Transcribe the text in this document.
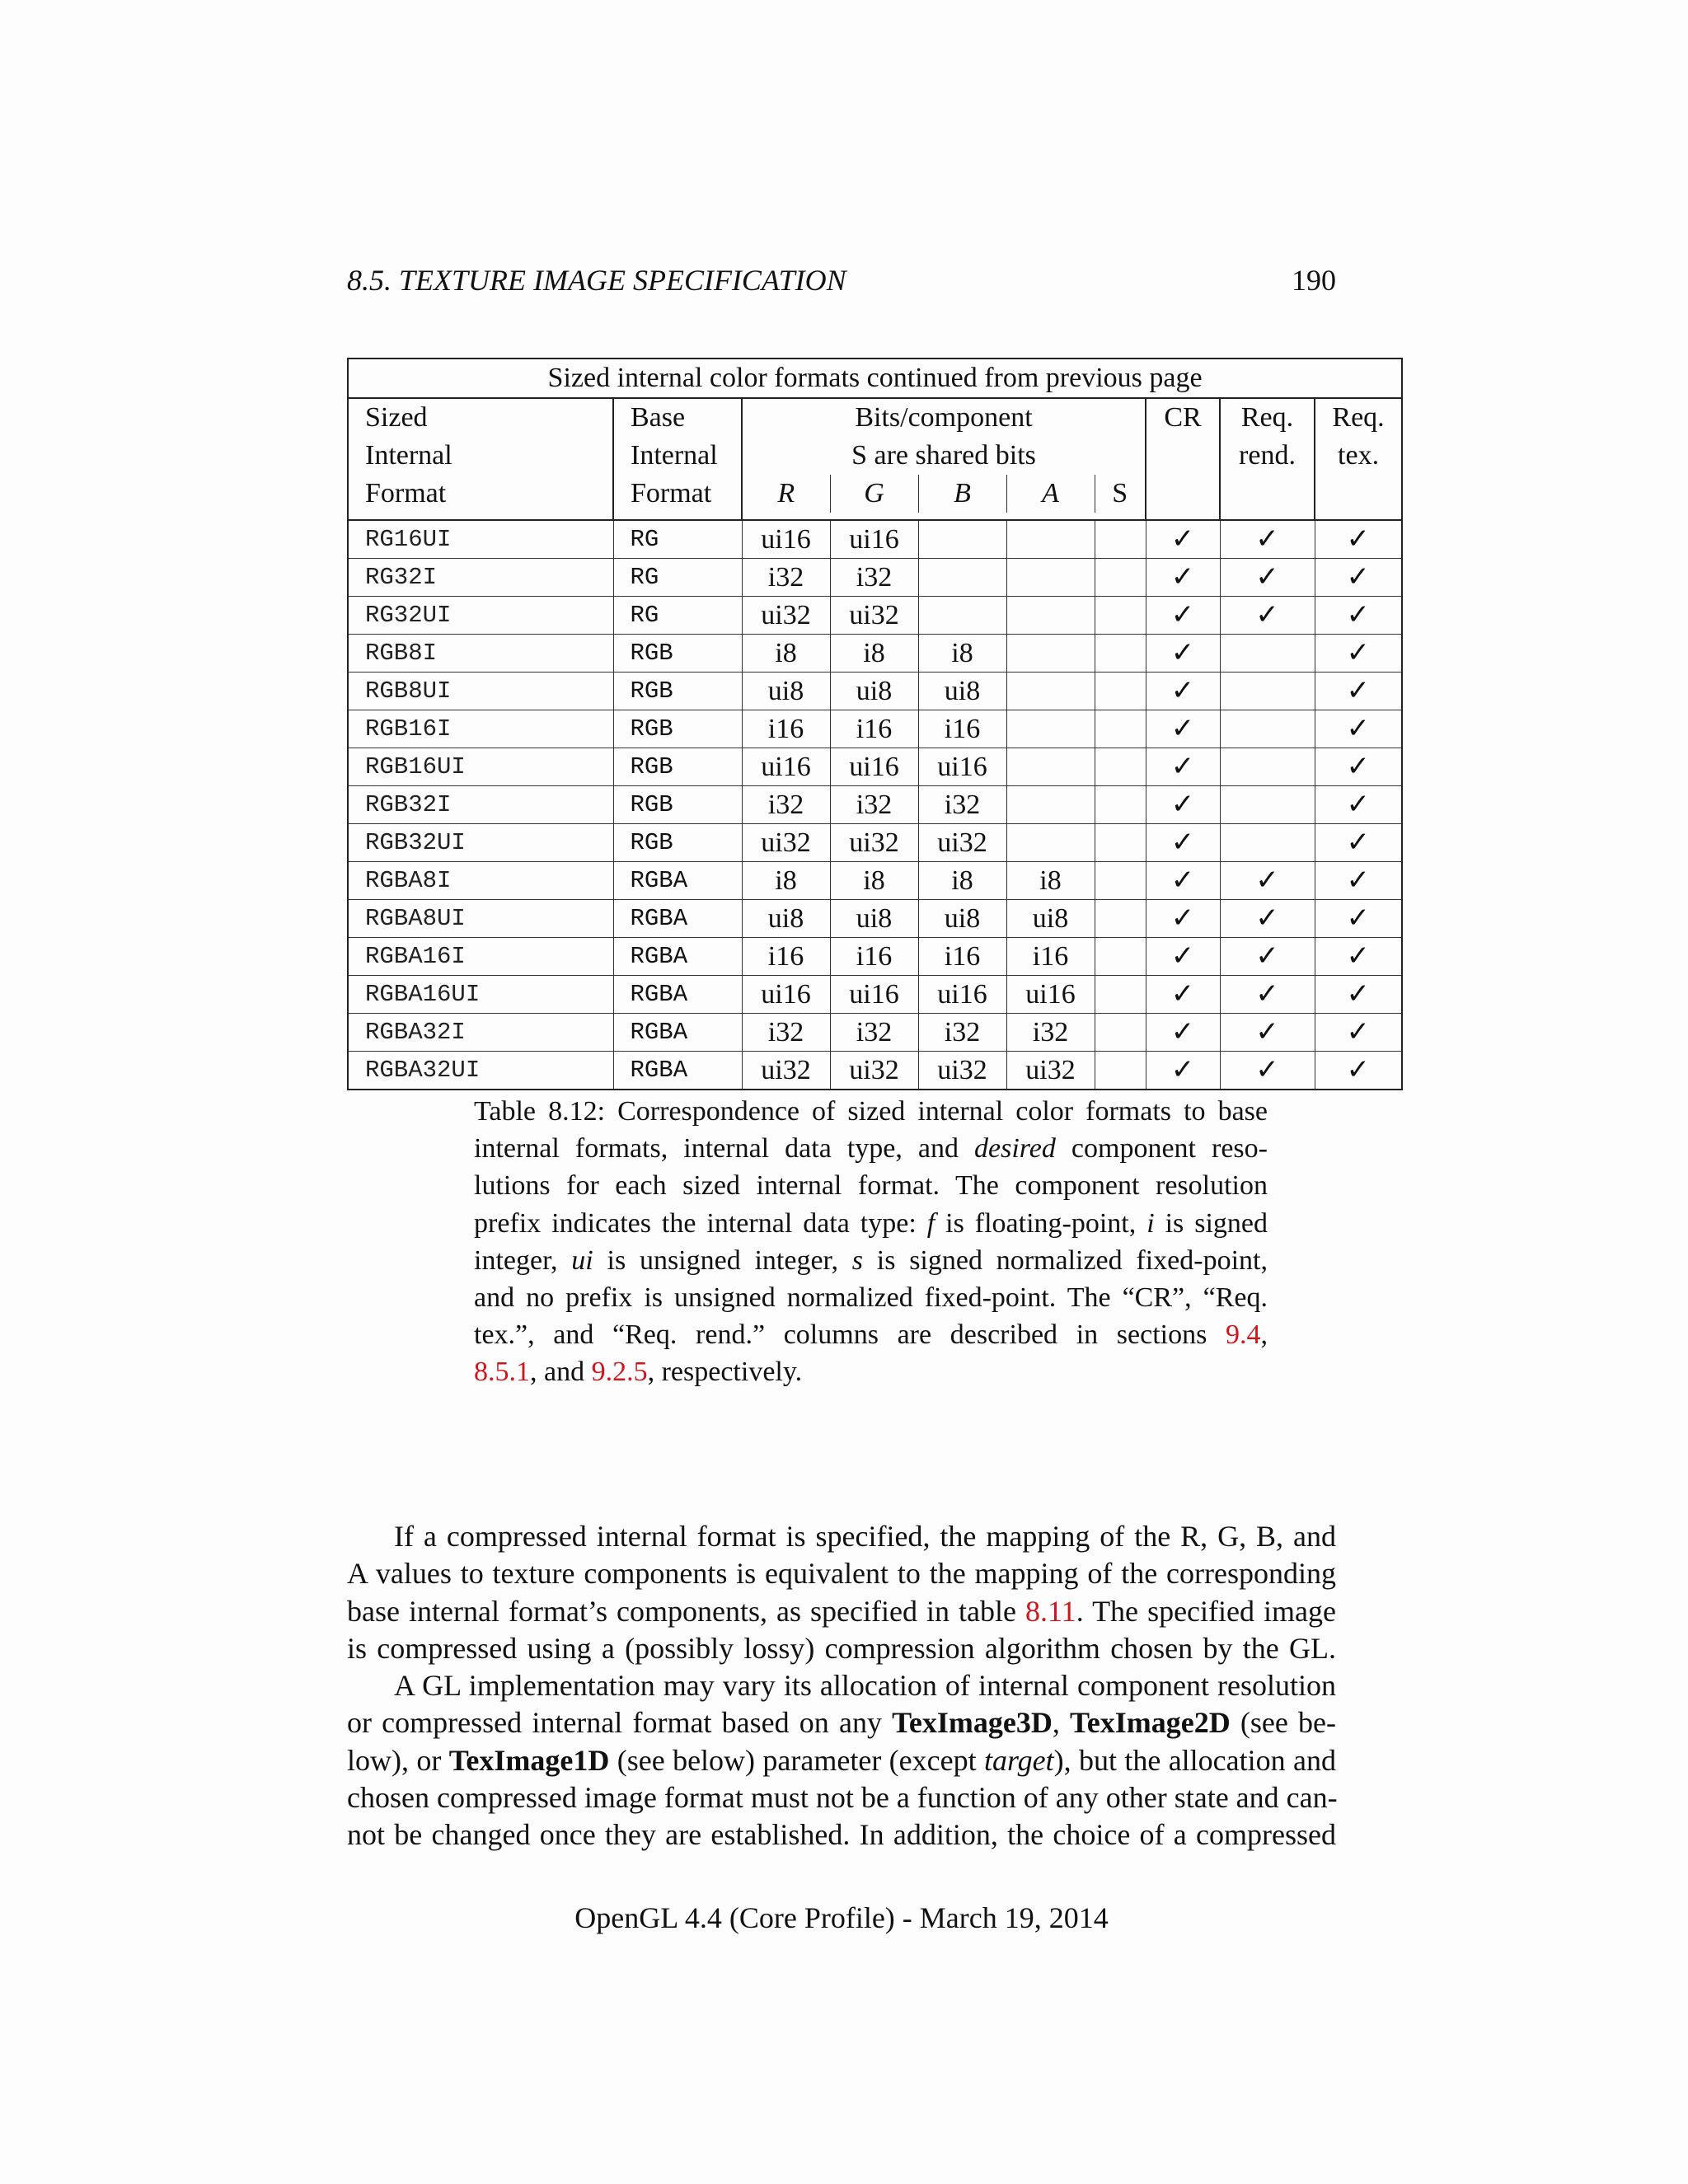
8.5. TEXTURE IMAGE SPECIFICATION	190
Sized internal color formats continued from previous page									
Sized	Base	Bits/component					CR	Req.	Req.
Internal	Internal	S are shared bits						rend.	tex.
Format	Format	R	G	B	A	S			

RG16UI	RG	ui16	ui16				✓	✓	✓
RG32I	RG	i32	i32				✓	✓	✓
RG32UI	RG	ui32	ui32				✓	✓	✓
RGB8I	RGB	i8	i8	i8			✓		✓
RGB8UI	RGB	ui8	ui8	ui8			✓		✓
RGB16I	RGB	i16	i16	i16			✓		✓
RGB16UI	RGB	ui16	ui16	ui16			✓		✓
RGB32I	RGB	i32	i32	i32			✓		✓
RGB32UI	RGB	ui32	ui32	ui32			✓		✓
RGBA8I	RGBA	i8	i8	i8	i8		✓	✓	✓
RGBA8UI	RGBA	ui8	ui8	ui8	ui8		✓	✓	✓
RGBA16I	RGBA	i16	i16	i16	i16		✓	✓	✓
RGBA16UI	RGBA	ui16	ui16	ui16	ui16		✓	✓	✓
RGBA32I	RGBA	i32	i32	i32	i32		✓	✓	✓
RGBA32UI	RGBA	ui32	ui32	ui32	ui32		✓	✓	✓
Table 8.12: Correspondence of sized internal color formats to base
internal formats, internal data type, and desired component reso-
lutions for each sized internal format. The component resolution
prefix indicates the internal data type: f is floating-point, i is signed
integer, ui is unsigned integer, s is signed normalized fixed-point,
and no prefix is unsigned normalized fixed-point. The “CR”, “Req.
tex.”, and “Req. rend.” columns are described in sections 9.4,
8.5.1, and 9.2.5, respectively.
If a compressed internal format is specified, the mapping of the R, G, B, and
A values to texture components is equivalent to the mapping of the corresponding
base internal format’s components, as specified in table 8.11. The specified image
is compressed using a (possibly lossy) compression algorithm chosen by the GL.
A GL implementation may vary its allocation of internal component resolution
or compressed internal format based on any TexImage3D, TexImage2D (see be-
low), or TexImage1D (see below) parameter (except target), but the allocation and
chosen compressed image format must not be a function of any other state and can-
not be changed once they are established. In addition, the choice of a compressed
OpenGL 4.4 (Core Profile) - March 19, 2014
